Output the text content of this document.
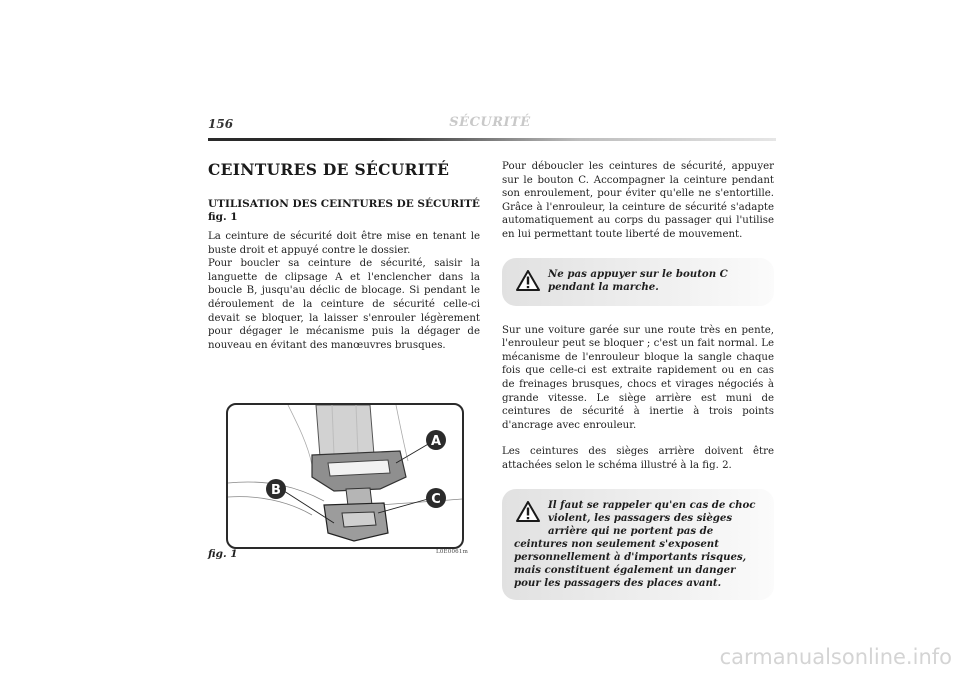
156	SÉCURITÉ
CEINTURES DE SÉCURITÉ
UTILISATION DES CEINTURES DE SÉCURITÉ
fig. 1

La ceinture de sécurité doit être mise en tenant le buste droit et appuyé contre le dossier.

Pour boucler sa ceinture de sécurité, saisir la languette de clipsage A et l'enclencher dans la boucle B, jusqu'au déclic de blocage. Si pendant le déroulement de la ceinture de sécurité celle-ci devait se bloquer, la laisser s'enrouler légèrement pour dégager le mécanisme puis la dégager de nouveau en évitant des manœuvres brusques.

A
B
C
fig. 1	L0E0061m

Pour déboucler les ceintures de sécurité, appuyer sur le bouton C. Accompagner la ceinture pendant son enroulement, pour éviter qu'elle ne s'entortille. Grâce à l'enrouleur, la ceinture de sécurité s'adapte automatiquement au corps du passager qui l'utilise en lui permettant toute liberté de mouvement.

Ne pas appuyer sur le bouton C pendant la marche.

Sur une voiture garée sur une route très en pente, l'enrouleur peut se bloquer ; c'est un fait normal. Le mécanisme de l'enrouleur bloque la sangle chaque fois que celle-ci est extraite rapidement ou en cas de freinages brusques, chocs et virages négociés à grande vitesse. Le siège arrière est muni de ceintures de sécurité à inertie à trois points d'ancrage avec enrouleur.

Les ceintures des sièges arrière doivent être attachées selon le schéma illustré à la fig. 2.

Il faut se rappeler qu'en cas de choc violent, les passagers des sièges arrière qui ne portent pas de ceintures non seulement s'exposent personnellement à d'importants risques, mais constituent également un danger pour les passagers des places avant.
carmanualsonline.info
